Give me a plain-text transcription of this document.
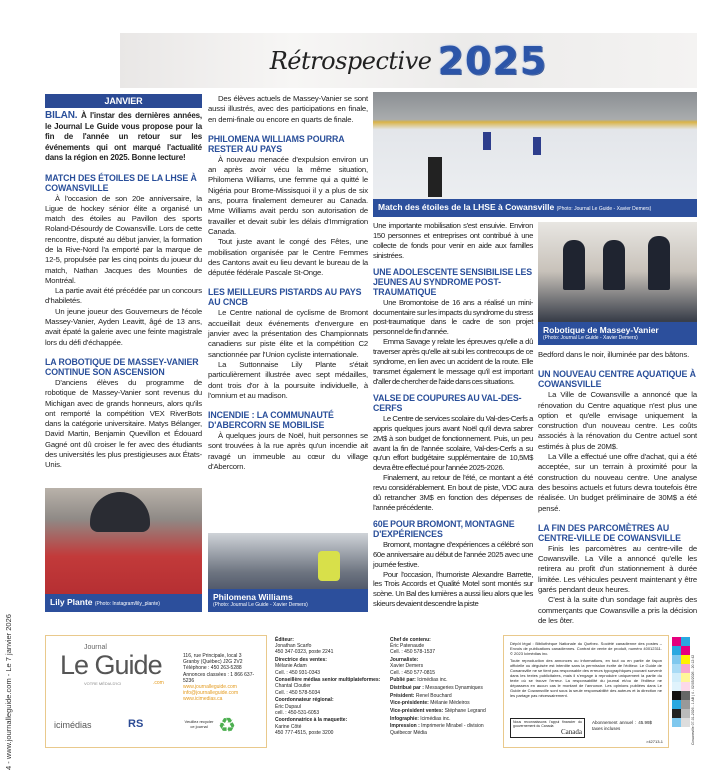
Rétrospective 2025
4 - www.journalleguide.com - Le 7 janvier 2026
JANVIER
BILAN. À l'instar des dernières années, le Journal Le Guide vous propose pour la fin de l'année un retour sur les événements qui ont marqué l'actualité dans la région en 2025. Bonne lecture!
MATCH DES ÉTOILES DE LA LHSE À COWANSVILLE

À l'occasion de son 20e anniversaire, la Ligue de hockey sénior élite a organisé un match des étoiles au Pavillon des sports Roland-Désourdy de Cowansville. Lors de cette rencontre, disputé au début janvier, la formation de la Rive-Nord l'a emporté par la marque de 12-5, propulsée par les cinq points du joueur du match, Nathan Jacques des Mounties de Montréal.

La partie avait été précédée par un concours d'habiletés.

Un jeune joueur des Gouverneurs de l'école Massey-Vanier, Ayden Leavitt, âgé de 13 ans, avait épaté la galerie avec une feinte magistrale lors du défi d'échappée.

LA ROBOTIQUE DE MASSEY-VANIER CONTINUE SON ASCENSION

D'anciens élèves du programme de robotique de Massey-Vanier sont revenus du Michigan avec de grands honneurs, alors qu'ils ont remporté la compétition VEX RiverBots dans la catégorie universitaire. Matys Bélanger, David Martin, Benjamin Quevillon et Édouard Gagné ont dû croiser le fer avec des étudiants des universités les plus prestigieuses aux États-Unis.

Lily Plante (Photo: Instagram/lily_plante)

Des élèves actuels de Massey-Vanier se sont aussi illustrés, avec des participations en finale, en demi-finale ou encore en quarts de finale.

PHILOMENA WILLIAMS POURRA RESTER AU PAYS

À nouveau menacée d'expulsion environ un an après avoir vécu la même situation, Philomena Williams, une femme qui a quitté le Nigéria pour Brome-Missisquoi il y a plus de six ans, pourra finalement demeurer au Canada. Mme Williams avait perdu son autorisation de travailler et devait subir les délais d'Immigration Canada.

Tout juste avant le congé des Fêtes, une mobilisation organisée par le Centre Femmes des Cantons avait eu lieu devant le bureau de la députée fédérale Pascale St-Onge.

LES MEILLEURS PISTARDS AU PAYS AU CNCB

Le Centre national de cyclisme de Bromont accueillait deux événements d'envergure en janvier avec la présentation des Championnats canadiens sur piste élite et la compétition C2 sanctionnée par l'Union cycliste internationale.

La Suttonnaise Lily Plante s'était particulièrement illustrée avec sept médailles, dont trois d'or à la poursuite individuelle, à l'omnium et au madison.

INCENDIE : LA COMMUNAUTÉ D'ABERCORN SE MOBILISE

À quelques jours de Noël, huit personnes se sont trouvées à la rue après qu'un incendie ait ravagé un immeuble au cœur du village d'Abercorn.

Philomena Williams
(Photo: Journal Le Guide - Xavier Demers)
Match des étoiles de la LHSE à Cowansville (Photo: Journal Le Guide - Xavier Demers)

Une importante mobilisation s'est ensuivie. Environ 150 personnes et entreprises ont contribué à une collecte de fonds pour venir en aide aux familles sinistrées.

UNE ADOLESCENTE SENSIBILISE LES JEUNES AU SYNDROME POST-TRAUMATIQUE

Une Bromontoise de 16 ans a réalisé un mini-documentaire sur les impacts du syndrome du stress post-traumatique dans le cadre de son projet personnel de fin d'année.

Emma Savage y relate les épreuves qu'elle a dû traverser après qu'elle ait subi les contrecoups de ce syndrome, en lien avec un accident de la route. Elle transmet également le message qu'il est important d'aller de chercher de l'aide dans ces situations.

VALSE DE COUPURES AU VAL-DES-CERFS

Le Centre de services scolaire du Val-des-Cerfs a appris quelques jours avant Noël qu'il devra sabrer 2M$ à son budget de fonctionnement. Puis, un peu avant la fin de l'année scolaire, Val-des-Cerfs a su qu'un effort budgétaire supplémentaire de 10,5M$ devra être effectué pour l'année 2025-2026.

Finalement, au retour de l'été, ce montant a été revu considérablement. En bout de piste, VDC aura dû retrancher 3M$ en fonction des dépenses de l'année précédente.

60E POUR BROMONT, MONTAGNE D'EXPÉRIENCES

Bromont, montagne d'expériences a célébré son 60e anniversaire au début de l'année 2025 avec une journée festive.

Pour l'occasion, l'humoriste Alexandre Barrette, les Trois Accords et Qualité Motel sont montés sur scène. Un Bal des lumières a aussi lieu alors que les skieurs devaient descendre la piste

Robotique de Massey-Vanier
(Photo: Journal Le Guide - Xavier Demers)

Bedford dans le noir, illuminée par des bâtons.

UN NOUVEAU CENTRE AQUATIQUE À COWANSVILLE

La Ville de Cowansville a annoncé que la rénovation du Centre aquatique n'est plus une option et qu'elle envisage uniquement la construction d'un nouveau centre. Les coûts associés à la rénovation du Centre actuel sont estimés à plus de 20M$.

La Ville a effectué une offre d'achat, qui a été acceptée, sur un terrain à proximité pour la construction du nouveau centre. Une analyse des besoins actuels et futurs devra toutefois être réalisée. Un budget préliminaire de 30M$ a été pensé.

LA FIN DES PARCOMÈTRES AU CENTRE-VILLE DE COWANSVILLE

Finis les parcomètres au centre-ville de Cowansville. La Ville a annoncé qu'elle les retirera au profit d'un stationnement à durée limitée. Les véhicules peuvent maintenant y être garés pendant deux heures.

C'est à la suite d'un sondage fait auprès des commerçants que Cowansville a pris la décision de les ôter.

Journal
Le Guide
VOTRE MÉDIA D'ICI	.com
116, rue Principale, local 3
Granby (Québec) J2G 2V2
Téléphone : 450 263-5288
Annonces classées : 1 866 637-5236
www.journalleguide.com
info@journalleguide.com
www.icimedias.ca
icimédias	RS	Veuillez recycler ce journal ♻
Éditeur:
Jonathan Scarfo
450 347-0323, poste 2241
Directrice des ventes:
Mélanie Adam
Cell. : 450 931-0343
Conseillère médias senior multiplateformes:
Chantal Cloutier
Cell. : 450 578-5034
Coordonnateur régional:
Éric Dupaul
cell. : 450-531-6053
Coordonnatrice à la maquette:
Karine Côté
450 777-4515, poste 3200
Chef de contenu:
Éric Patenaude
Cell. : 450 578-1537
Journaliste:
Xavier Demers
Cell. : 450 577-0815
Publié par: Icimédias inc.
Distribué par : Messageries Dynamiques
Président: Renel Bouchard
Vice-présidente: Mélanie Médeiros
Vice-président ventes: Stéphane Legrand
Infographie: Icimédias inc.
Impression : Imprimerie Mirabel - division Québecor Média
Dépôt légal : Bibliothèque Nationale du Québec. Société canadienne des postes – Envois de publications canadiennes. Contrat de vente de produit, numéro 40012311. © 2023 Icimédias inc.
Toute reproduction des annonces ou informations, en tout ou en partie de façon officielle ou déguisée est interdite sans la permission écrite de l'éditeur. Le Guide de Cowansville ne se tient pas responsable des erreurs typographiques pouvant survenir dans les textes publicitaires, mais il s'engage à reproduire uniquement la partie du texte où se trouve l'erreur. La responsabilité du journal et/ou de l'éditeur ne dépassera en aucun cas le montant de l'annonce. Les opinions publiées dans Le Guide de Cowansville sont sous la seule responsabilité des auteurs et la direction ne les partage pas nécessairement.
Nous reconnaissons l'appui financier du gouvernement du Canada
Canada
Abonnement annuel : 45.99$ taxes incluses
>42713-1	Cowansville 07-01-2026 - 1 AB | 4 - 02/05/2026 - 20:12:42
